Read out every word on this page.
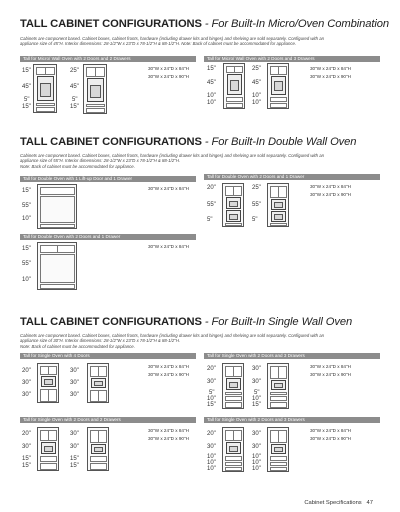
TALL CABINET CONFIGURATIONS - For Built-In Micro/Oven Combination
Cabinets are component based. Cabinet boxes, cabinet fronts, hardware (including drawer kits and hinges) and shelving are sold separately. Configured with an
appliance size of 45"H. Interior dimensions: 28-1/2"W x 23"D x 78-1/2"H & 88-1/2"H. Note: Back of cabinet must be accommodated for appliance.
Tall for Micro/ Wall Oven with 2 Doors and 2 Drawers
30"W x 24"D x 84"H
30"W x 24"D x 90"H
15"
45"
5"
15"
25"
45"
5"
15"
Tall for Micro/ Wall Oven with 2 Doors and 3 Drawers
30"W x 24"D x 84"H
30"W x 24"D x 90"H
15"
45"
10"
10"
25"
45"
10"
10"
TALL CABINET CONFIGURATIONS - For Built-In Double Wall Oven
Cabinets are component based. Cabinet boxes, cabinet fronts, hardware (including drawer kits and hinges) and shelving are sold separately. Configured with an
appliance size of 55"H. Interior dimensions: 28-1/2"W x 23"D x 78-1/2"H & 88-1/2"H.
Note: Back of cabinet must be accommodated for appliance.
Tall for Double Oven with 1 Lift-up Door and 1 Drawer
30"W x 24"D x 84"H
15"
55"
10"
Tall for Double Oven with 2 Doors and 1 Drawer
30"W x 24"D x 84"H
30"W x 24"D x 90"H
20"
55"
5"
25"
55"
5"
Tall for Double Oven with 2 Doors and 1 Drawer
30"W x 24"D x 84"H
15"
55"
10"
TALL CABINET CONFIGURATIONS - For Built-In Single Wall Oven
Cabinets are component based. Cabinet boxes, cabinet fronts, hardware (including drawer kits and hinges) and shelving are sold separately. Configured with an
appliance size of 30"H. Interior dimensions: 28-1/2"W x 23"D x 78-1/2"H & 88-1/2"H.
Note: Back of cabinet must be accommodated for appliance.
Tall for Single Oven with 4 Doors
30"W x 24"D x 84"H
30"W x 24"D x 90"H
20"
30"
30"
30"
30"
30"
Tall for Single Oven with 2 Doors and 3 Drawers
30"W x 24"D x 84"H
30"W x 24"D x 90"H
20"
30"
5"
10"
15"
30"
30"
5"
10"
15"
Tall for Single Oven with 2 Doors and 2 Drawers
30"W x 24"D x 84"H
30"W x 24"D x 90"H
20"
30"
15"
15"
30"
30"
15"
15"
Tall for Single Oven with 2 Doors and 3 Drawers
30"W x 24"D x 84"H
30"W x 24"D x 90"H
20"
30"
10"
10"
10"
30"
30"
10"
10"
10"
Cabinet Specifications 47
